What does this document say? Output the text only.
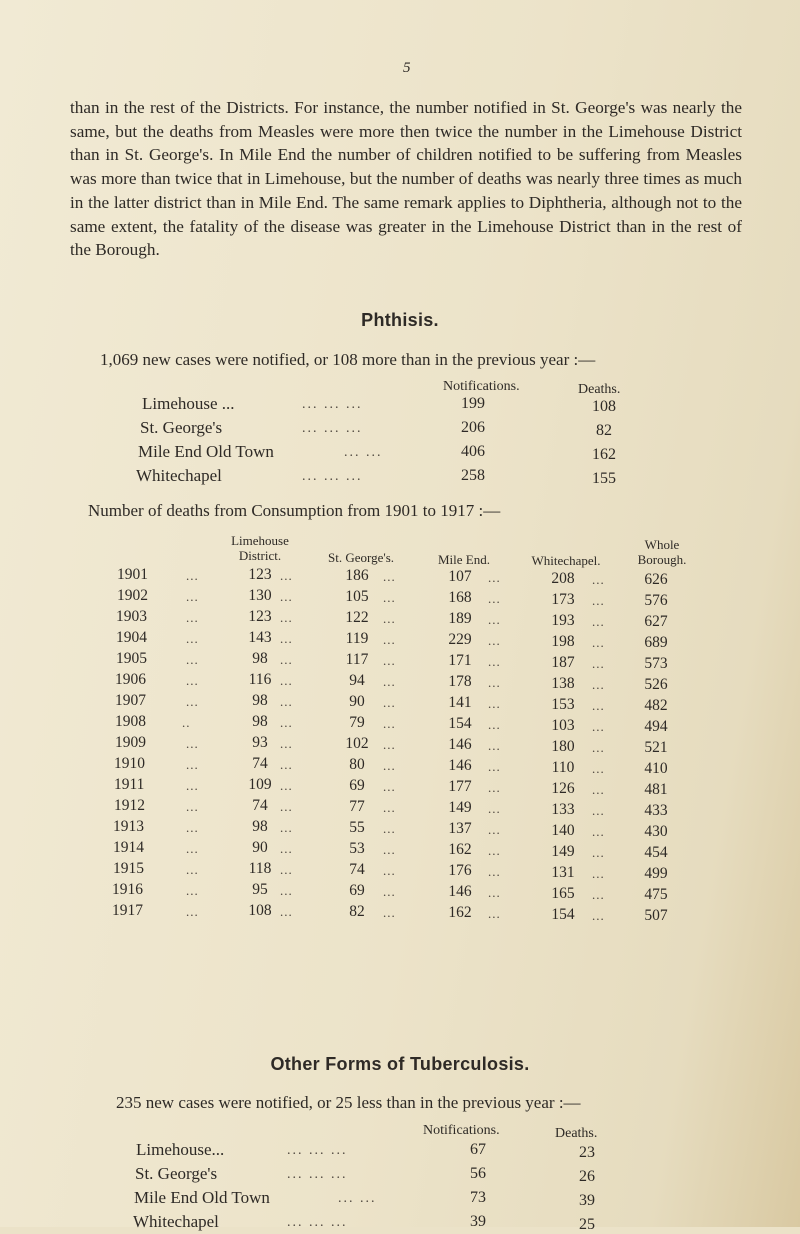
5

than in the rest of the Districts. For instance, the number notified in St. George's was nearly the same, but the deaths from Measles were more then twice the number in the Limehouse District than in St. George's. In Mile End the number of children notified to be suffering from Measles was more than twice that in Limehouse, but the number of deaths was nearly three times as much in the latter district than in Mile End. The same remark applies to Diphtheria, although not to the same extent, the fatality of the disease was greater in the Limehouse District than in the rest of the Borough.

Phthisis.

1,069 new cases were notified, or 108 more than in the previous year :—

Notifications.	Deaths.
Limehouse ...	... ... ...	199	108
St. George's	... ... ...	206	82
Mile End Old Town	... ...	406	162
Whitechapel	... ... ...	258	155

Number of deaths from Consumption from 1901 to 1917 :—

Limehouse
District.	St. George's.	Mile End.	Whitechapel.
Whole
Borough.
1901	...	123 ...	186	...	107	...	208	...	626
1902	...	130 ...	105	...	168	...	173	...	576
1903	...	123 ...	122	...	189	...	193	...	627
1904	...	143 ...	119	...	229	...	198	...	689
1905	...	98 ...	117	...	171	...	187	...	573
1906	...	116 ...	94	...	178	...	138	...	526
1907	...	98 ...	90	...	141	...	153	...	482
1908	..	98 ...	79	...	154	...	103	...	494
1909	...	93 ...	102	...	146	...	180	...	521
1910	...	74 ...	80	...	146	...	110	...	410
1911	...	109 ...	69	...	177	...	126	...	481
1912	...	74 ...	77	...	149	...	133	...	433
1913	...	98 ...	55	...	137	...	140	...	430
1914	...	90 ...	53	...	162	...	149	...	454
1915	...	118 ...	74	...	176	...	131	...	499
1916	...	95 ...	69	...	146	...	165	...	475
1917	...	108 ...	82	...	162	...	154	...	507
Other Forms of Tuberculosis.

235 new cases were notified, or 25 less than in the previous year :—

Notifications.	Deaths.
Limehouse...	... ... ...	67	23
St. George's	... ... ...	56	26
Mile End Old Town	... ...	73	39
Whitechapel	... ... ...	39	25
